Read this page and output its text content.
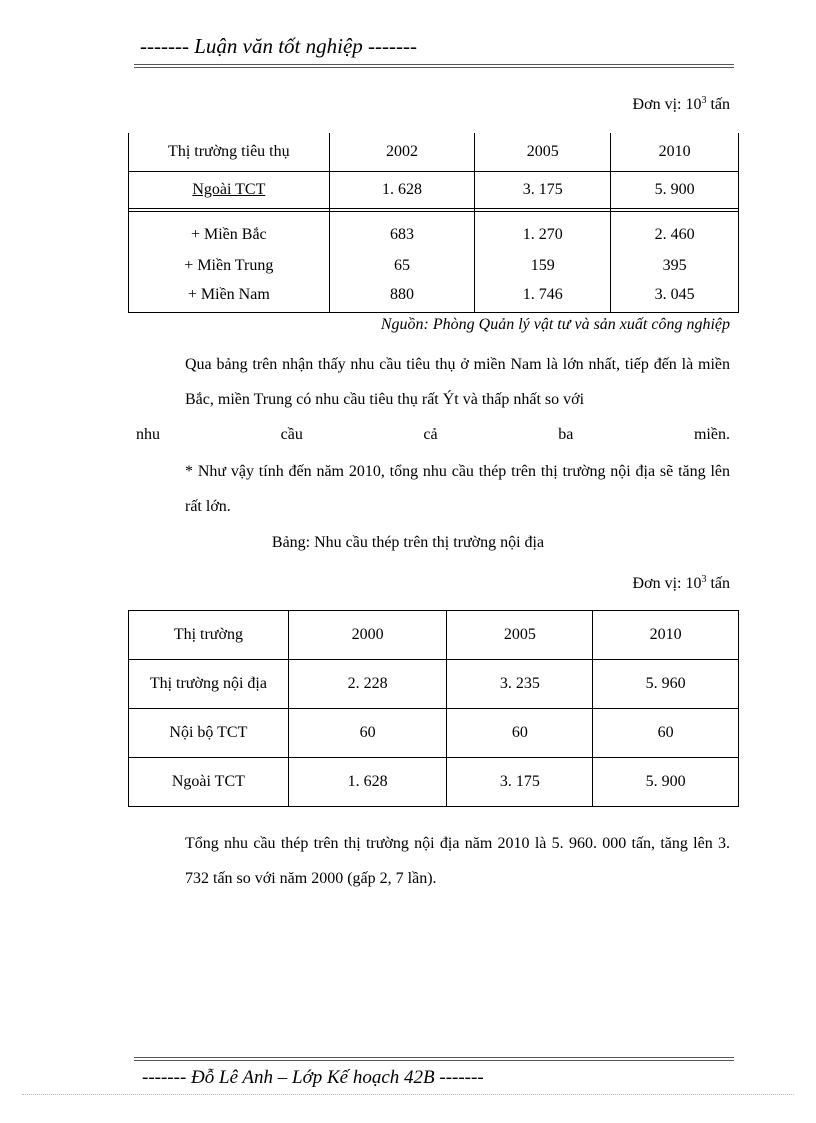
------- Luận văn tốt nghiệp -------
Đơn vị: $10^3$ tấn
Thị trường tiêu thụ	2002	2005	2010
Ngoài TCT	1. 628	3. 175	5. 900

+ Miền Bắc	683	1. 270	2. 460
+ Miền Trung	65	159	395
+ Miền Nam	880	1. 746	3. 045
Nguồn: Phòng Quản lý vật tư và sản xuất công nghiệp
Qua bảng trên nhận thấy nhu cầu tiêu thụ ở miền Nam là lớn nhất, tiếp đến là miền Bắc, miền Trung có nhu cầu tiêu thụ rất Ýt và thấp nhất so với
nhu	cầu	cả	ba	miền.
* Như vậy tính đến năm 2010, tổng nhu cầu thép trên thị trường nội địa sẽ tăng lên rất lớn.
Bảng: Nhu cầu thép trên thị trường nội địa
Đơn vị: $10^3$ tấn
Thị trường	2000	2005	2010
Thị trường nội địa	2. 228	3. 235	5. 960
Nội bộ TCT	60	60	60
Ngoài TCT	1. 628	3. 175	5. 900
Tổng nhu cầu thép trên thị trường nội địa năm 2010 là 5. 960. 000 tấn, tăng lên 3. 732 tấn so với năm 2000 (gấp 2, 7 lần).
------- Đỗ Lê Anh – Lớp Kế hoạch 42B -------
